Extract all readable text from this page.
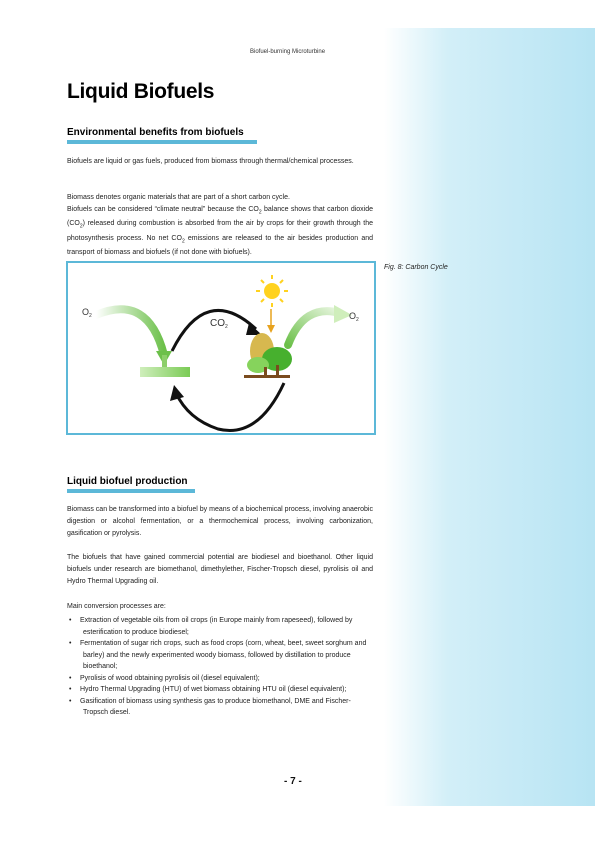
Biofuel-burning Microturbine
Liquid Biofuels
Environmental benefits from biofuels

Biofuels are liquid or gas fuels, produced from biomass through thermal/chemical processes.

Biomass denotes organic materials that are part of a short carbon cycle.
Biofuels can be considered “climate neutral” because the $CO_2$ balance shows that carbon dioxide $(CO_2)$ released during combustion is absorbed from the air by crops for their growth through the photosynthesis process. No net $CO_2$ emissions are released to the air besides production and transport of biomass and biofuels (if not done with biofuels).

$O_2$
$CO_2$
$O_2$
Fig. 8: Carbon Cycle
Liquid biofuel production

Biomass can be transformed into a biofuel by means of a biochemical process, involving anaerobic digestion or alcohol fermentation, or a thermochemical process, involving carbonization, gasification or pyrolysis.

The biofuels that have gained commercial potential are biodiesel and bioethanol. Other liquid biofuels under research are biomethanol, dimethylether, Fischer-Tropsch diesel, pyrolisis oil and Hydro Thermal Upgrading oil.

Main conversion processes are:

• Extraction of vegetable oils from oil crops (in Europe mainly from rapeseed), followed by esterification to produce biodiesel;
• Fermentation of sugar rich crops, such as food crops (corn, wheat, beet, sweet sorghum and barley) and the newly experimented woody biomass, followed by distillation to produce bioethanol;
• Pyrolisis of wood obtaining pyrolisis oil (diesel equivalent);
• Hydro Thermal Upgrading (HTU) of wet biomass obtaining HTU oil (diesel equivalent);
• Gasification of biomass using synthesis gas to produce biomethanol, DME and Fischer-Tropsch diesel.
- 7 -
